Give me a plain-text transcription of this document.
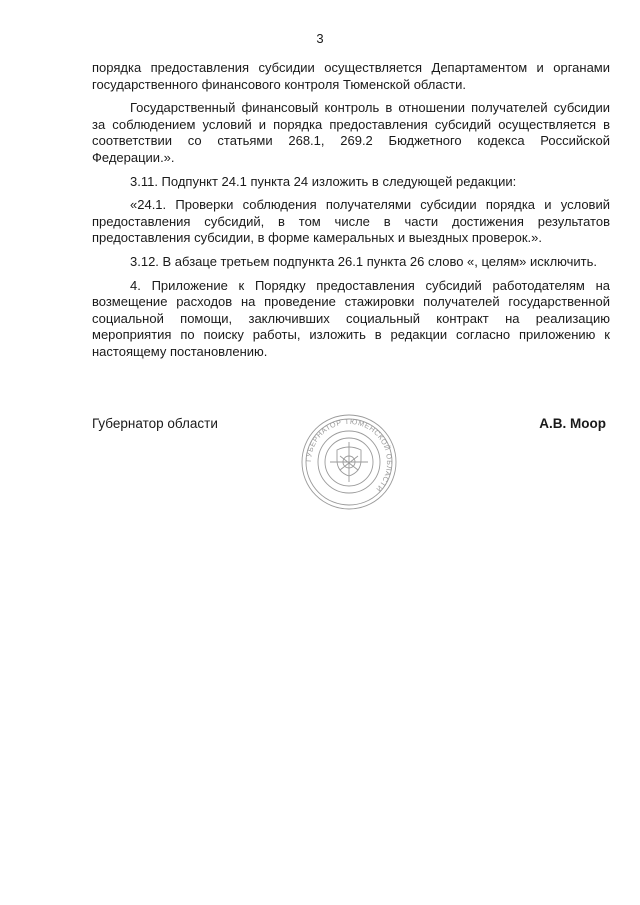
3

порядка предоставления субсидии осуществляется Департаментом и органами государственного финансового контроля Тюменской области.

Государственный финансовый контроль в отношении получателей субсидии за соблюдением условий и порядка предоставления субсидий осуществляется в соответствии со статьями 268.1, 269.2 Бюджетного кодекса Российской Федерации.».

3.11. Подпункт 24.1 пункта 24 изложить в следующей редакции:

«24.1. Проверки соблюдения получателями субсидии порядка и условий предоставления субсидий, в том числе в части достижения результатов предоставления субсидии, в форме камеральных и выездных проверок.».

3.12. В абзаце третьем подпункта 26.1 пункта 26 слово «, целям» исключить.

4. Приложение к Порядку предоставления субсидий работодателям на возмещение расходов на проведение стажировки получателей государственной социальной помощи, заключивших социальный контракт на реализацию мероприятия по поиску работы, изложить в редакции согласно приложению к настоящему постановлению.

Губернатор области	А.В. Моор
ГУБЕРНАТОР ТЮМЕНСКОЙ ОБЛАСТИ
